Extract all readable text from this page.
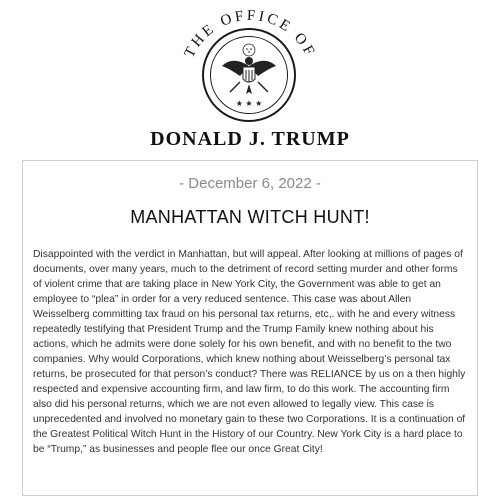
THE OFFICE OF
★ ★ ★
DONALD J. TRUMP
- December 6, 2022 -
MANHATTAN WITCH HUNT!
Disappointed with the verdict in Manhattan, but will appeal. After looking at millions of pages of documents, over many years, much to the detriment of record setting murder and other forms of violent crime that are taking place in New York City, the Government was able to get an employee to “plea” in order for a very reduced sentence. This case was about Allen Weisselberg committing tax fraud on his personal tax returns, etc,. with he and every witness repeatedly testifying that President Trump and the Trump Family knew nothing about his actions, which he admits were done solely for his own benefit, and with no benefit to the two companies. Why would Corporations, which knew nothing about Weisselberg’s personal tax returns, be prosecuted for that person’s conduct? There was RELIANCE by us on a then highly respected and expensive accounting firm, and law firm, to do this work. The accounting firm also did his personal returns, which we are not even allowed to legally view. This case is unprecedented and involved no monetary gain to these two Corporations. It is a continuation of the Greatest Political Witch Hunt in the History of our Country. New York City is a hard place to be “Trump,” as businesses and people flee our once Great City!
